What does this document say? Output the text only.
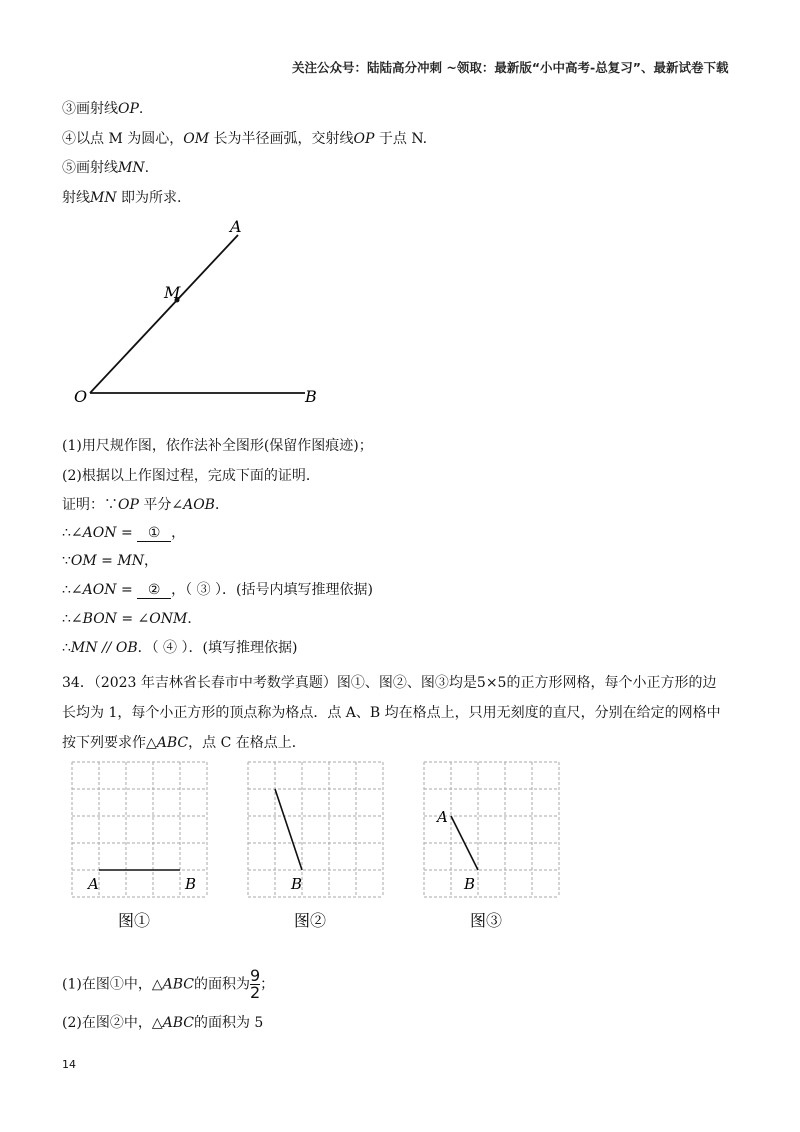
关注公众号：陆陆高分冲刺 ~领取：最新版“小中高考-总复习”、最新试卷下载
③画射线OP.
④以点 M 为圆心，OM 长为半径画弧，交射线OP 于点 N.
⑤画射线MN.
射线MN 即为所求.
A
M
O	B
(1)用尺规作图，依作法补全图形(保留作图痕迹)；
(2)根据以上作图过程，完成下面的证明．
证明：∵OP 平分∠AOB．
∴∠AON = ① ，
∵OM = MN，
∴∠AON = ② ，（ ③ ）．(括号内填写推理依据)
∴∠BON = ∠ONM．
∴MN // OB．（ ④ ）．(填写推理依据)
34．（2023 年吉林省长春市中考数学真题）图①、图②、图③均是5×5的正方形网格，每个小正方形的边
长均为 1，每个小正方形的顶点称为格点．点 A、B 均在格点上，只用无刻度的直尺，分别在给定的网格中
按下列要求作△ABC，点 C 在格点上．
A	B
图①
B
图②
A
B
图③
(1)在图①中，△ABC的面积为 $\frac{9}{2}$ ；
(2)在图②中，△ABC的面积为 5
14
